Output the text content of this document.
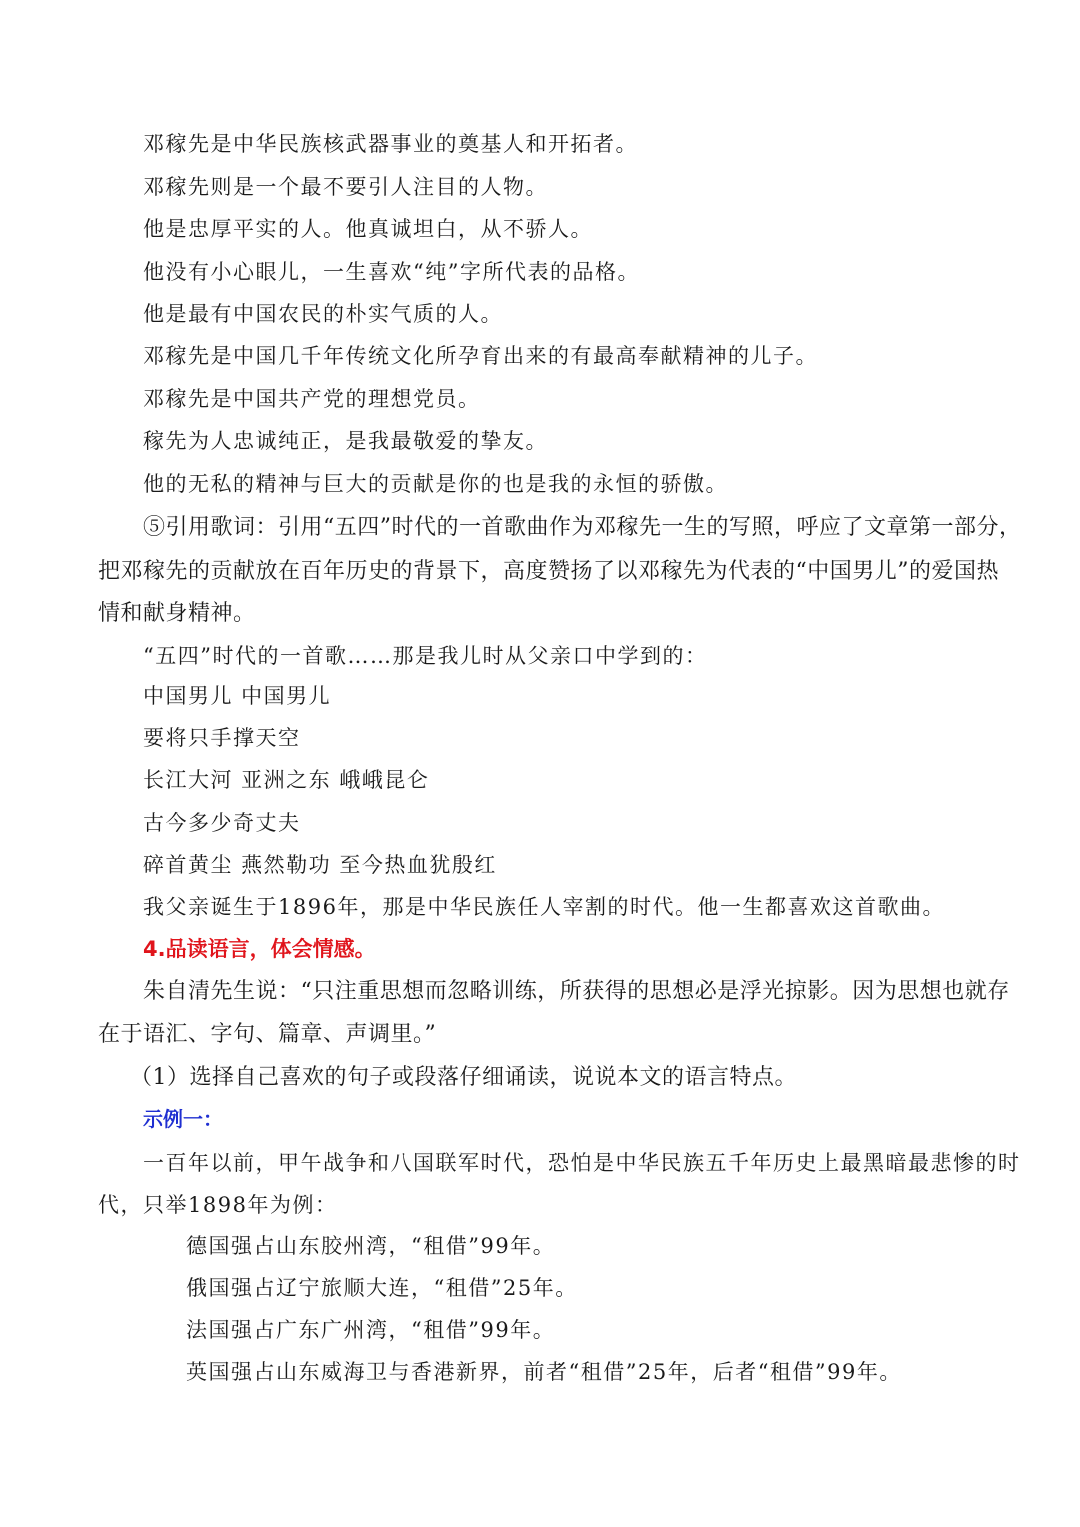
邓稼先是中华民族核武器事业的奠基人和开拓者。
邓稼先则是一个最不要引人注目的人物。
他是忠厚平实的人。他真诚坦白，从不骄人。
他没有小心眼儿，一生喜欢“纯”字所代表的品格。
他是最有中国农民的朴实气质的人。
邓稼先是中国几千年传统文化所孕育出来的有最高奉献精神的儿子。
邓稼先是中国共产党的理想党员。
稼先为人忠诚纯正，是我最敬爱的挚友。
他的无私的精神与巨大的贡献是你的也是我的永恒的骄傲。
⑤引用歌词：引用“五四”时代的一首歌曲作为邓稼先一生的写照，呼应了文章第一部分，
把邓稼先的贡献放在百年历史的背景下，高度赞扬了以邓稼先为代表的“中国男儿”的爱国热
情和献身精神。
“五四”时代的一首歌……那是我儿时从父亲口中学到的：
中国男儿 中国男儿
要将只手撑天空
长江大河 亚洲之东 峨峨昆仑
古今多少奇丈夫
碎首黄尘 燕然勒功 至今热血犹殷红
我父亲诞生于1896年，那是中华民族任人宰割的时代。他一生都喜欢这首歌曲。
4.品读语言，体会情感。
朱自清先生说：“只注重思想而忽略训练，所获得的思想必是浮光掠影。因为思想也就存
在于语汇、字句、篇章、声调里。”
（1）选择自己喜欢的句子或段落仔细诵读，说说本文的语言特点。
示例一：
一百年以前，甲午战争和八国联军时代，恐怕是中华民族五千年历史上最黑暗最悲惨的时
代，只举1898年为例：
德国强占山东胶州湾，“租借”99年。
俄国强占辽宁旅顺大连，“租借”25年。
法国强占广东广州湾，“租借”99年。
英国强占山东威海卫与香港新界，前者“租借”25年，后者“租借”99年。
